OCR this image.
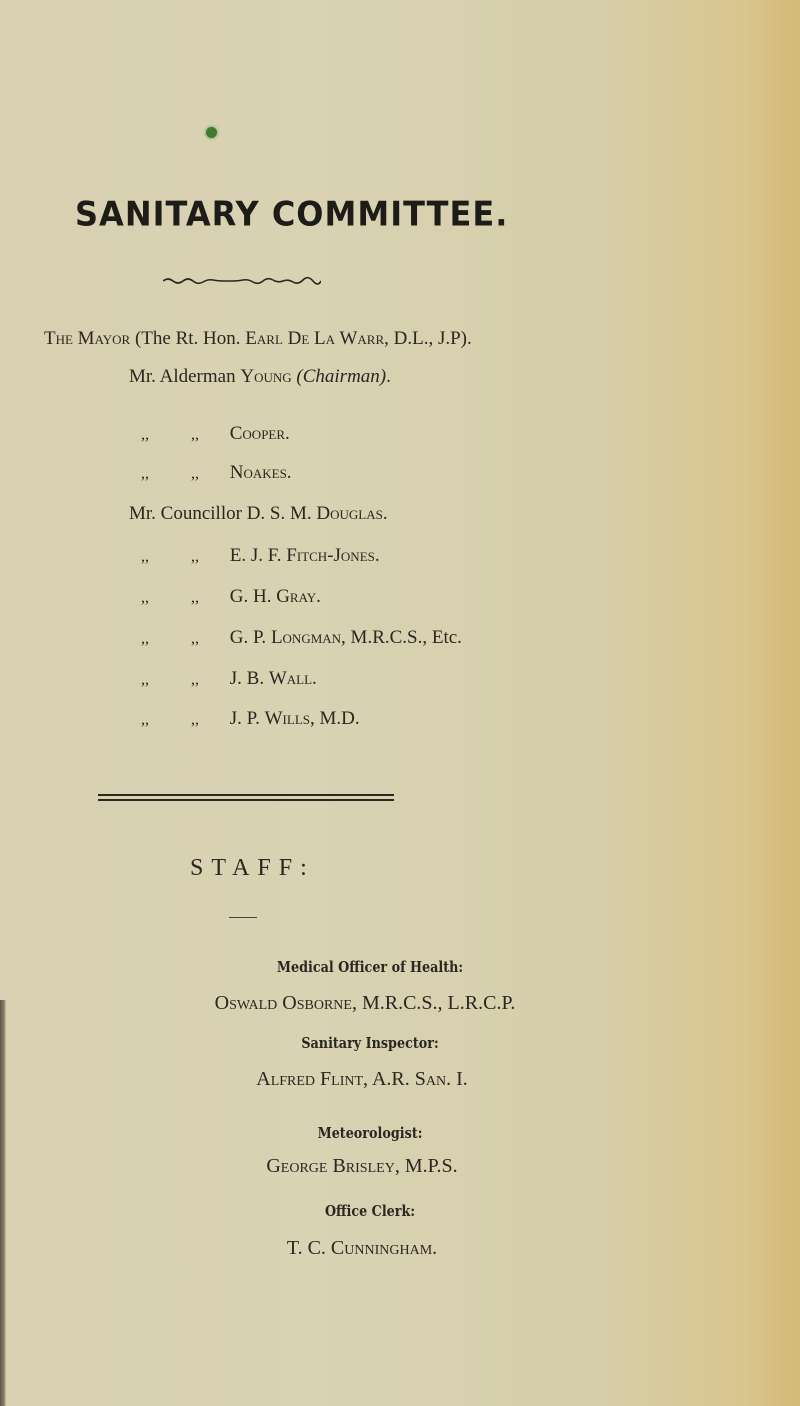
SANITARY COMMITTEE.
The Mayor (The Rt. Hon. Earl De La Warr, D.L., J.P).
Mr. Alderman Young (Chairman).
,,	,, Cooper.
,,	,, Noakes.
Mr. Councillor D. S. M. Douglas.
,,	,, E. J. F. Fitch-Jones.
,,	,, G. H. Gray.
,,	,, G. P. Longman, M.R.C.S., Etc.
,,	,, J. B. Wall.
,,	,, J. P. Wills, M.D.
STAFF:
Medical Officer of Health:
Oswald Osborne, M.R.C.S., L.R.C.P.
Sanitary Inspector:
Alfred Flint, A.R. San. I.
Meteorologist:
George Brisley, M.P.S.
Office Clerk:
T. C. Cunningham.
